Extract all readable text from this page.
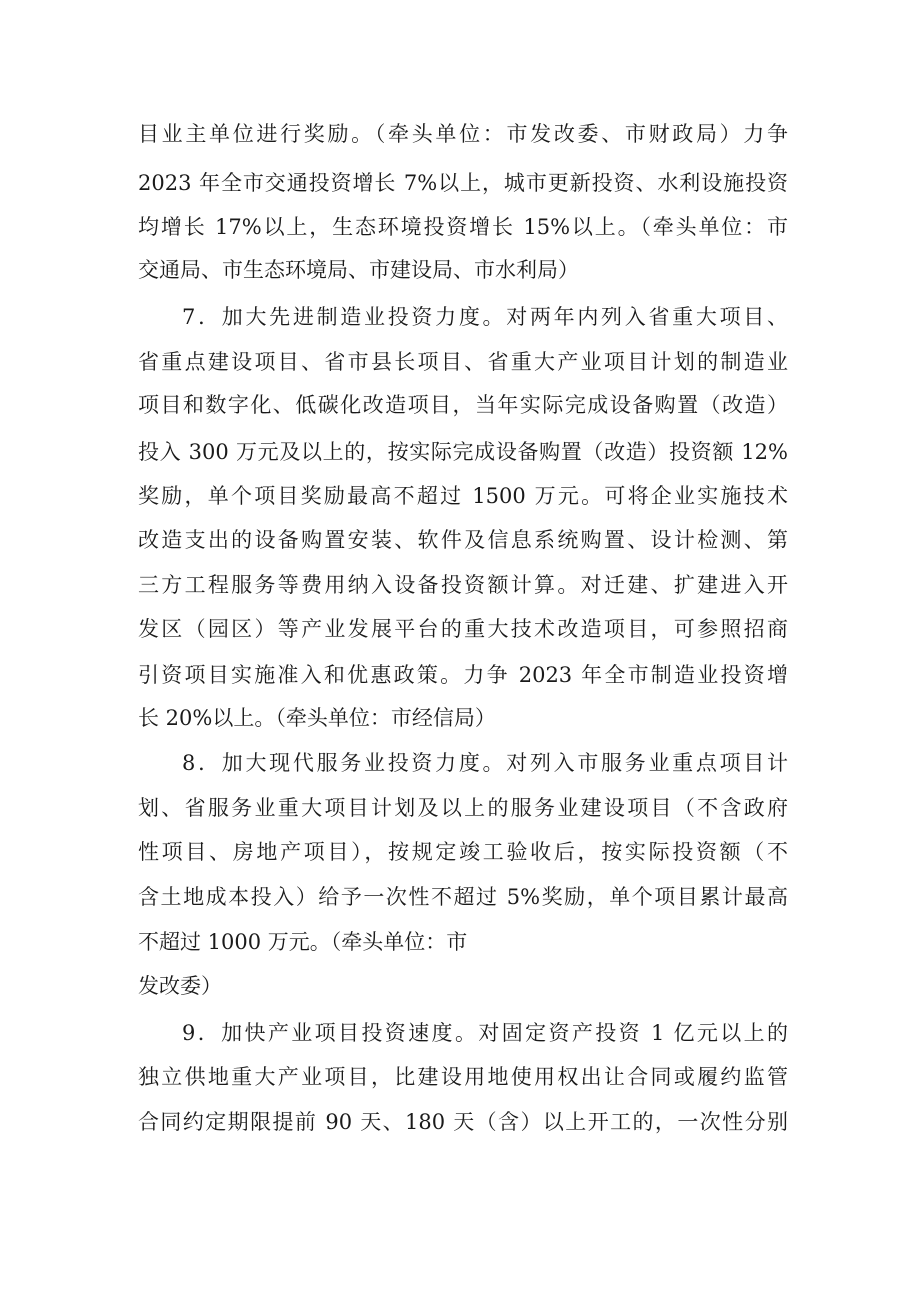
目业主单位进行奖励。（牵头单位：市发改委、市财政局）力争
2023 年全市交通投资增长 7%以上，城市更新投资、水利设施投资
均增长 17%以上，生态环境投资增长 15%以上。（牵头单位：市
交通局、市生态环境局、市建设局、市水利局）
7．加大先进制造业投资力度。对两年内列入省重大项目、
省重点建设项目、省市县长项目、省重大产业项目计划的制造业
项目和数字化、低碳化改造项目，当年实际完成设备购置（改造）
投入 300 万元及以上的，按实际完成设备购置（改造）投资额 12%
奖励，单个项目奖励最高不超过 1500 万元。可将企业实施技术
改造支出的设备购置安装、软件及信息系统购置、设计检测、第
三方工程服务等费用纳入设备投资额计算。对迁建、扩建进入开
发区（园区）等产业发展平台的重大技术改造项目，可参照招商
引资项目实施准入和优惠政策。力争 2023 年全市制造业投资增
长 20%以上。（牵头单位：市经信局）
8．加大现代服务业投资力度。对列入市服务业重点项目计
划、省服务业重大项目计划及以上的服务业建设项目（不含政府
性项目、房地产项目），按规定竣工验收后，按实际投资额（不
含土地成本投入）给予一次性不超过 5%奖励，单个项目累计最高
不超过 1000 万元。（牵头单位：市
发改委）
9．加快产业项目投资速度。对固定资产投资 1 亿元以上的
独立供地重大产业项目，比建设用地使用权出让合同或履约监管
合同约定期限提前 90 天、180 天（含）以上开工的，一次性分别
